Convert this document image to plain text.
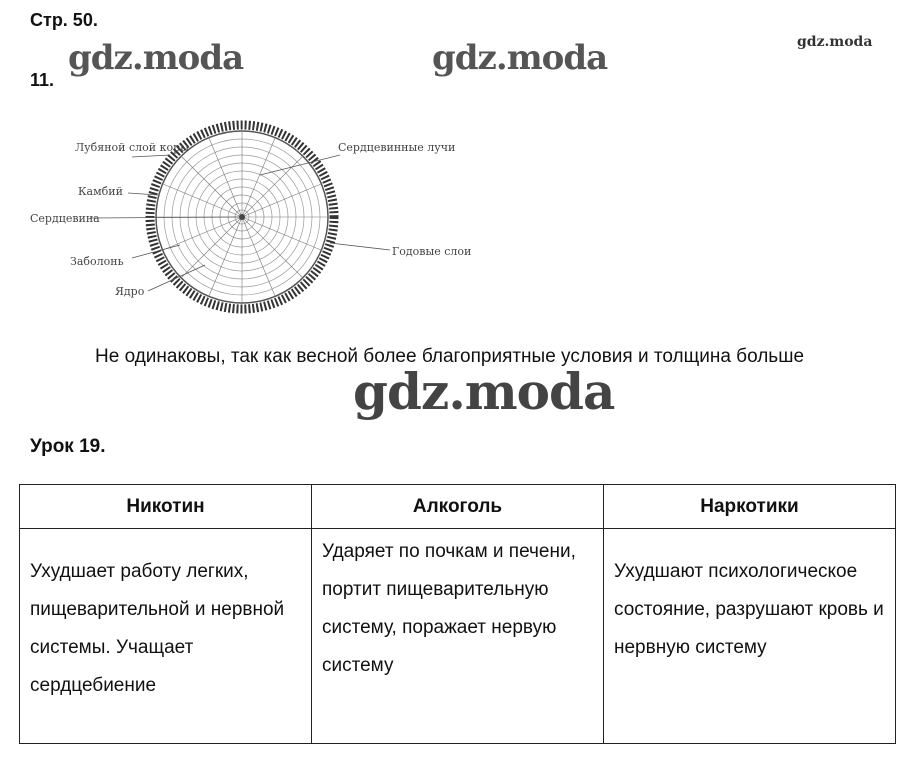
Стр. 50.
11.
gdz.moda	gdz.moda	gdz.moda
Лубяной слой коры
Камбий
Сердцевина
Заболонь
Ядро
Сердцевинные лучи
Годовые слои
Не одинаковы, так как весной более благоприятные условия и толщина больше
gdz.moda
Урок 19.
Никотин	Алкоголь	Наркотики
Ухудшает работу легких, пищеварительной и нервной системы. Учащает сердцебиение	Ударяет по почкам и печени, портит пищеварительную систему, поражает нервую систему	Ухудшают психологическое состояние, разрушают кровь и нервную систему
